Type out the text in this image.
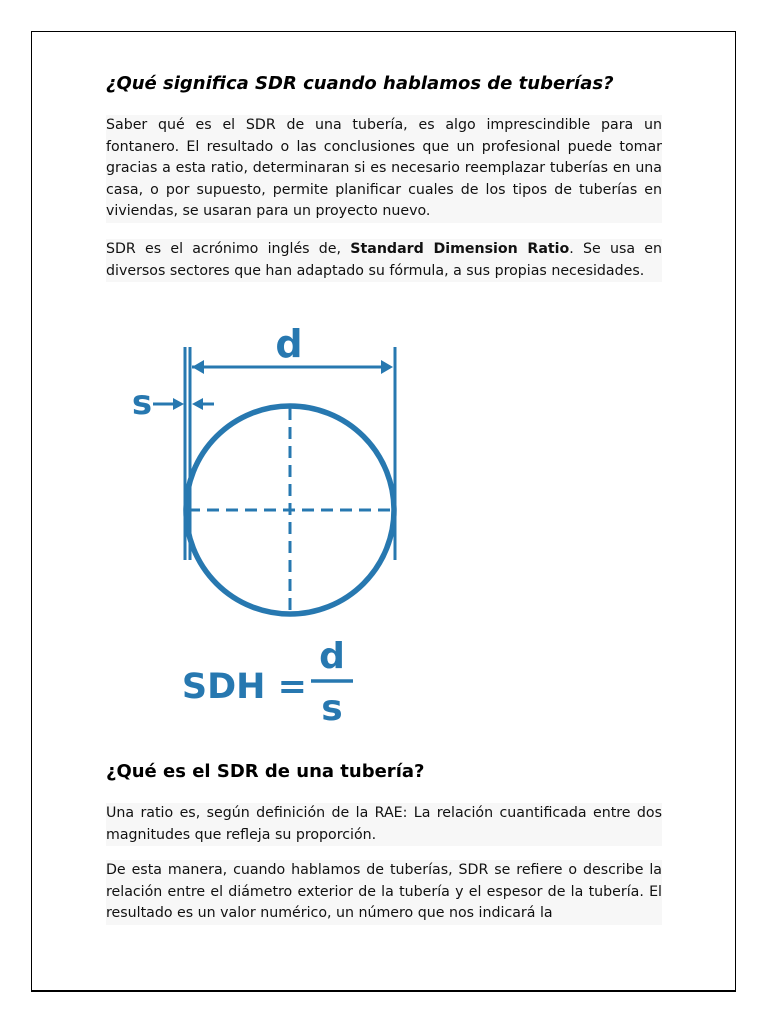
¿Qué significa SDR cuando hablamos de tuberías?

Saber qué es el SDR de una tubería, es algo imprescindible para un fontanero. El resultado o las conclusiones que un profesional puede tomar gracias a esta ratio, determinaran si es necesario reemplazar tuberías en una casa, o por supuesto, permite planificar cuales de los tipos de tuberías en viviendas, se usaran para un proyecto nuevo.

SDR es el acrónimo inglés de, Standard Dimension Ratio. Se usa en diversos sectores que han adaptado su fórmula, a sus propias necesidades.

d
s
SDH =
d
s
¿Qué es el SDR de una tubería?

Una ratio es, según definición de la RAE: La relación cuantificada entre dos magnitudes que refleja su proporción.

De esta manera, cuando hablamos de tuberías, SDR se refiere o describe la relación entre el diámetro exterior de la tubería y el espesor de la tubería. El resultado es un valor numérico, un número que nos indicará la
